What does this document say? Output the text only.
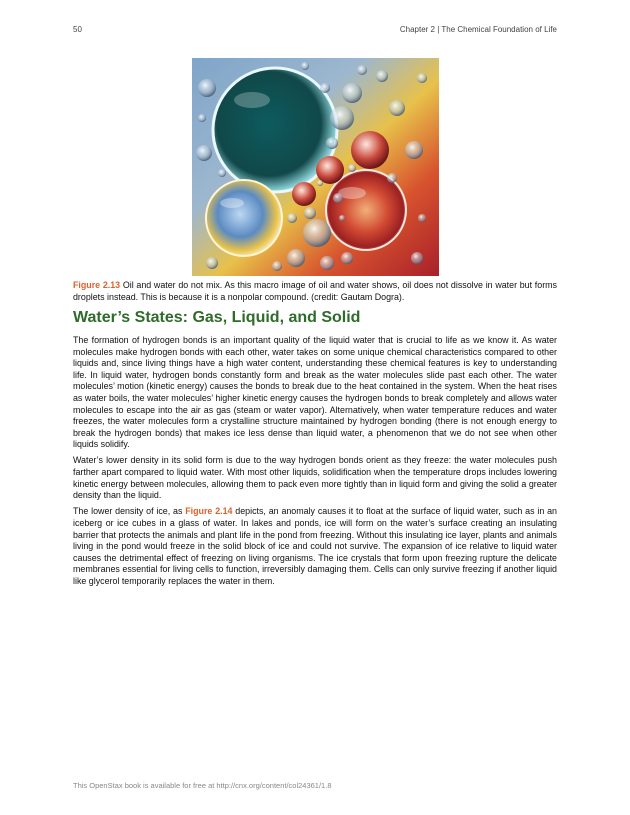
50	Chapter 2 | The Chemical Foundation of Life
Figure 2.13 Oil and water do not mix. As this macro image of oil and water shows, oil does not dissolve in water but forms droplets instead. This is because it is a nonpolar compound. (credit: Gautam Dogra).
Water’s States: Gas, Liquid, and Solid

The formation of hydrogen bonds is an important quality of the liquid water that is crucial to life as we know it. As water molecules make hydrogen bonds with each other, water takes on some unique chemical characteristics compared to other liquids and, since living things have a high water content, understanding these chemical features is key to understanding life. In liquid water, hydrogen bonds constantly form and break as the water molecules slide past each other. The water molecules’ motion (kinetic energy) causes the bonds to break due to the heat contained in the system. When the heat rises as water boils, the water molecules’ higher kinetic energy causes the hydrogen bonds to break completely and allows water molecules to escape into the air as gas (steam or water vapor). Alternatively, when water temperature reduces and water freezes, the water molecules form a crystalline structure maintained by hydrogen bonding (there is not enough energy to break the hydrogen bonds) that makes ice less dense than liquid water, a phenomenon that we do not see when other liquids solidify.

Water’s lower density in its solid form is due to the way hydrogen bonds orient as they freeze: the water molecules push farther apart compared to liquid water. With most other liquids, solidification when the temperature drops includes lowering kinetic energy between molecules, allowing them to pack even more tightly than in liquid form and giving the solid a greater density than the liquid.

The lower density of ice, as Figure 2.14 depicts, an anomaly causes it to float at the surface of liquid water, such as in an iceberg or ice cubes in a glass of water. In lakes and ponds, ice will form on the water’s surface creating an insulating barrier that protects the animals and plant life in the pond from freezing. Without this insulating ice layer, plants and animals living in the pond would freeze in the solid block of ice and could not survive. The expansion of ice relative to liquid water causes the detrimental effect of freezing on living organisms. The ice crystals that form upon freezing rupture the delicate membranes essential for living cells to function, irreversibly damaging them. Cells can only survive freezing if another liquid like glycerol temporarily replaces the water in them.

This OpenStax book is available for free at http://cnx.org/content/col24361/1.8
